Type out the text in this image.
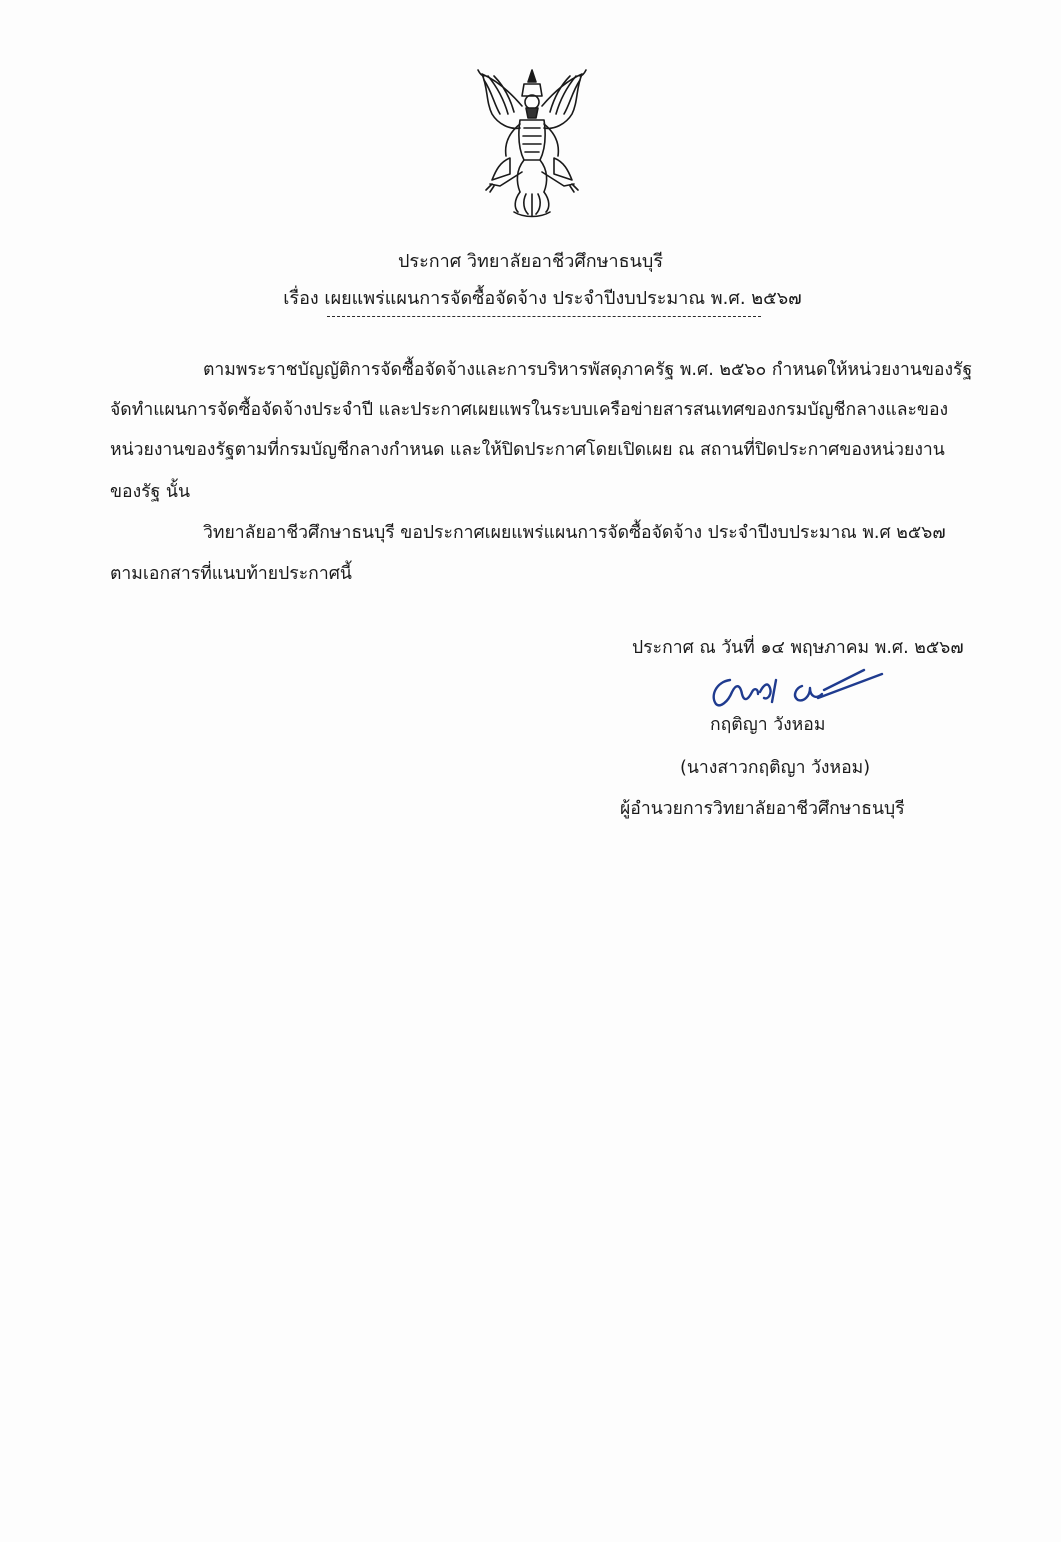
ประกาศ วิทยาลัยอาชีวศึกษาธนบุรี
เรื่อง เผยแพร่แผนการจัดซื้อจัดจ้าง ประจำปีงบประมาณ พ.ศ. ๒๕๖๗
ตามพระราชบัญญัติการจัดซื้อจัดจ้างและการบริหารพัสดุภาครัฐ พ.ศ. ๒๕๖๐ กำหนดให้หน่วยงานของรัฐ
จัดทำแผนการจัดซื้อจัดจ้างประจำปี และประกาศเผยแพรในระบบเครือข่ายสารสนเทศของกรมบัญชีกลางและของ
หน่วยงานของรัฐตามที่กรมบัญชีกลางกำหนด และให้ปิดประกาศโดยเปิดเผย ณ สถานที่ปิดประกาศของหน่วยงาน
ของรัฐ นั้น
วิทยาลัยอาชีวศึกษาธนบุรี ขอประกาศเผยแพร่แผนการจัดซื้อจัดจ้าง ประจำปีงบประมาณ พ.ศ ๒๕๖๗
ตามเอกสารที่แนบท้ายประกาศนี้
ประกาศ ณ วันที่ ๑๔ พฤษภาคม พ.ศ. ๒๕๖๗
กฤติญา วังหอม
(นางสาวกฤติญา วังหอม)
ผู้อำนวยการวิทยาลัยอาชีวศึกษาธนบุรี
